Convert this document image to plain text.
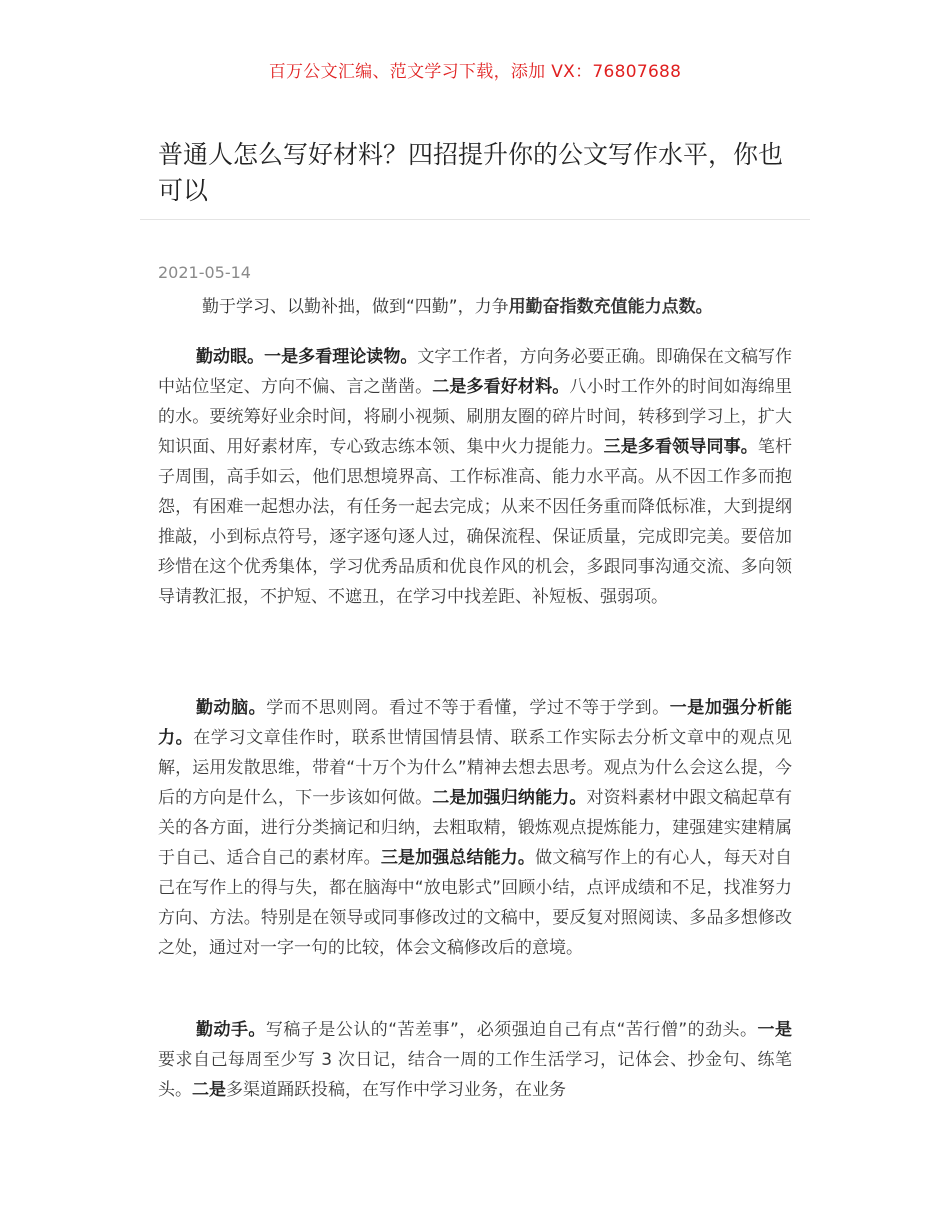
百万公文汇编、范文学习下载，添加 VX：76807688
普通人怎么写好材料？四招提升你的公文写作水平，你也可以
2021-05-14

勤于学习、以勤补拙，做到“四勤”，力争用勤奋指数充值能力点数。

勤动眼。一是多看理论读物。文字工作者，方向务必要正确。即确保在文稿写作中站位坚定、方向不偏、言之凿凿。二是多看好材料。八小时工作外的时间如海绵里的水。要统筹好业余时间，将刷小视频、刷朋友圈的碎片时间，转移到学习上，扩大知识面、用好素材库，专心致志练本领、集中火力提能力。三是多看领导同事。笔杆子周围，高手如云，他们思想境界高、工作标准高、能力水平高。从不因工作多而抱怨，有困难一起想办法，有任务一起去完成；从来不因任务重而降低标准，大到提纲推敲，小到标点符号，逐字逐句逐人过，确保流程、保证质量，完成即完美。要倍加珍惜在这个优秀集体，学习优秀品质和优良作风的机会，多跟同事沟通交流、多向领导请教汇报，不护短、不遮丑，在学习中找差距、补短板、强弱项。

勤动脑。学而不思则罔。看过不等于看懂，学过不等于学到。一是加强分析能力。在学习文章佳作时，联系世情国情县情、联系工作实际去分析文章中的观点见解，运用发散思维，带着“十万个为什么”精神去想去思考。观点为什么会这么提，今后的方向是什么，下一步该如何做。二是加强归纳能力。对资料素材中跟文稿起草有关的各方面，进行分类摘记和归纳，去粗取精，锻炼观点提炼能力，建强建实建精属于自己、适合自己的素材库。三是加强总结能力。做文稿写作上的有心人，每天对自己在写作上的得与失，都在脑海中“放电影式”回顾小结，点评成绩和不足，找准努力方向、方法。特别是在领导或同事修改过的文稿中，要反复对照阅读、多品多想修改之处，通过对一字一句的比较，体会文稿修改后的意境。

勤动手。写稿子是公认的“苦差事”，必须强迫自己有点“苦行僧”的劲头。一是要求自己每周至少写 3 次日记，结合一周的工作生活学习，记体会、抄金句、练笔头。二是多渠道踊跃投稿，在写作中学习业务，在业务
